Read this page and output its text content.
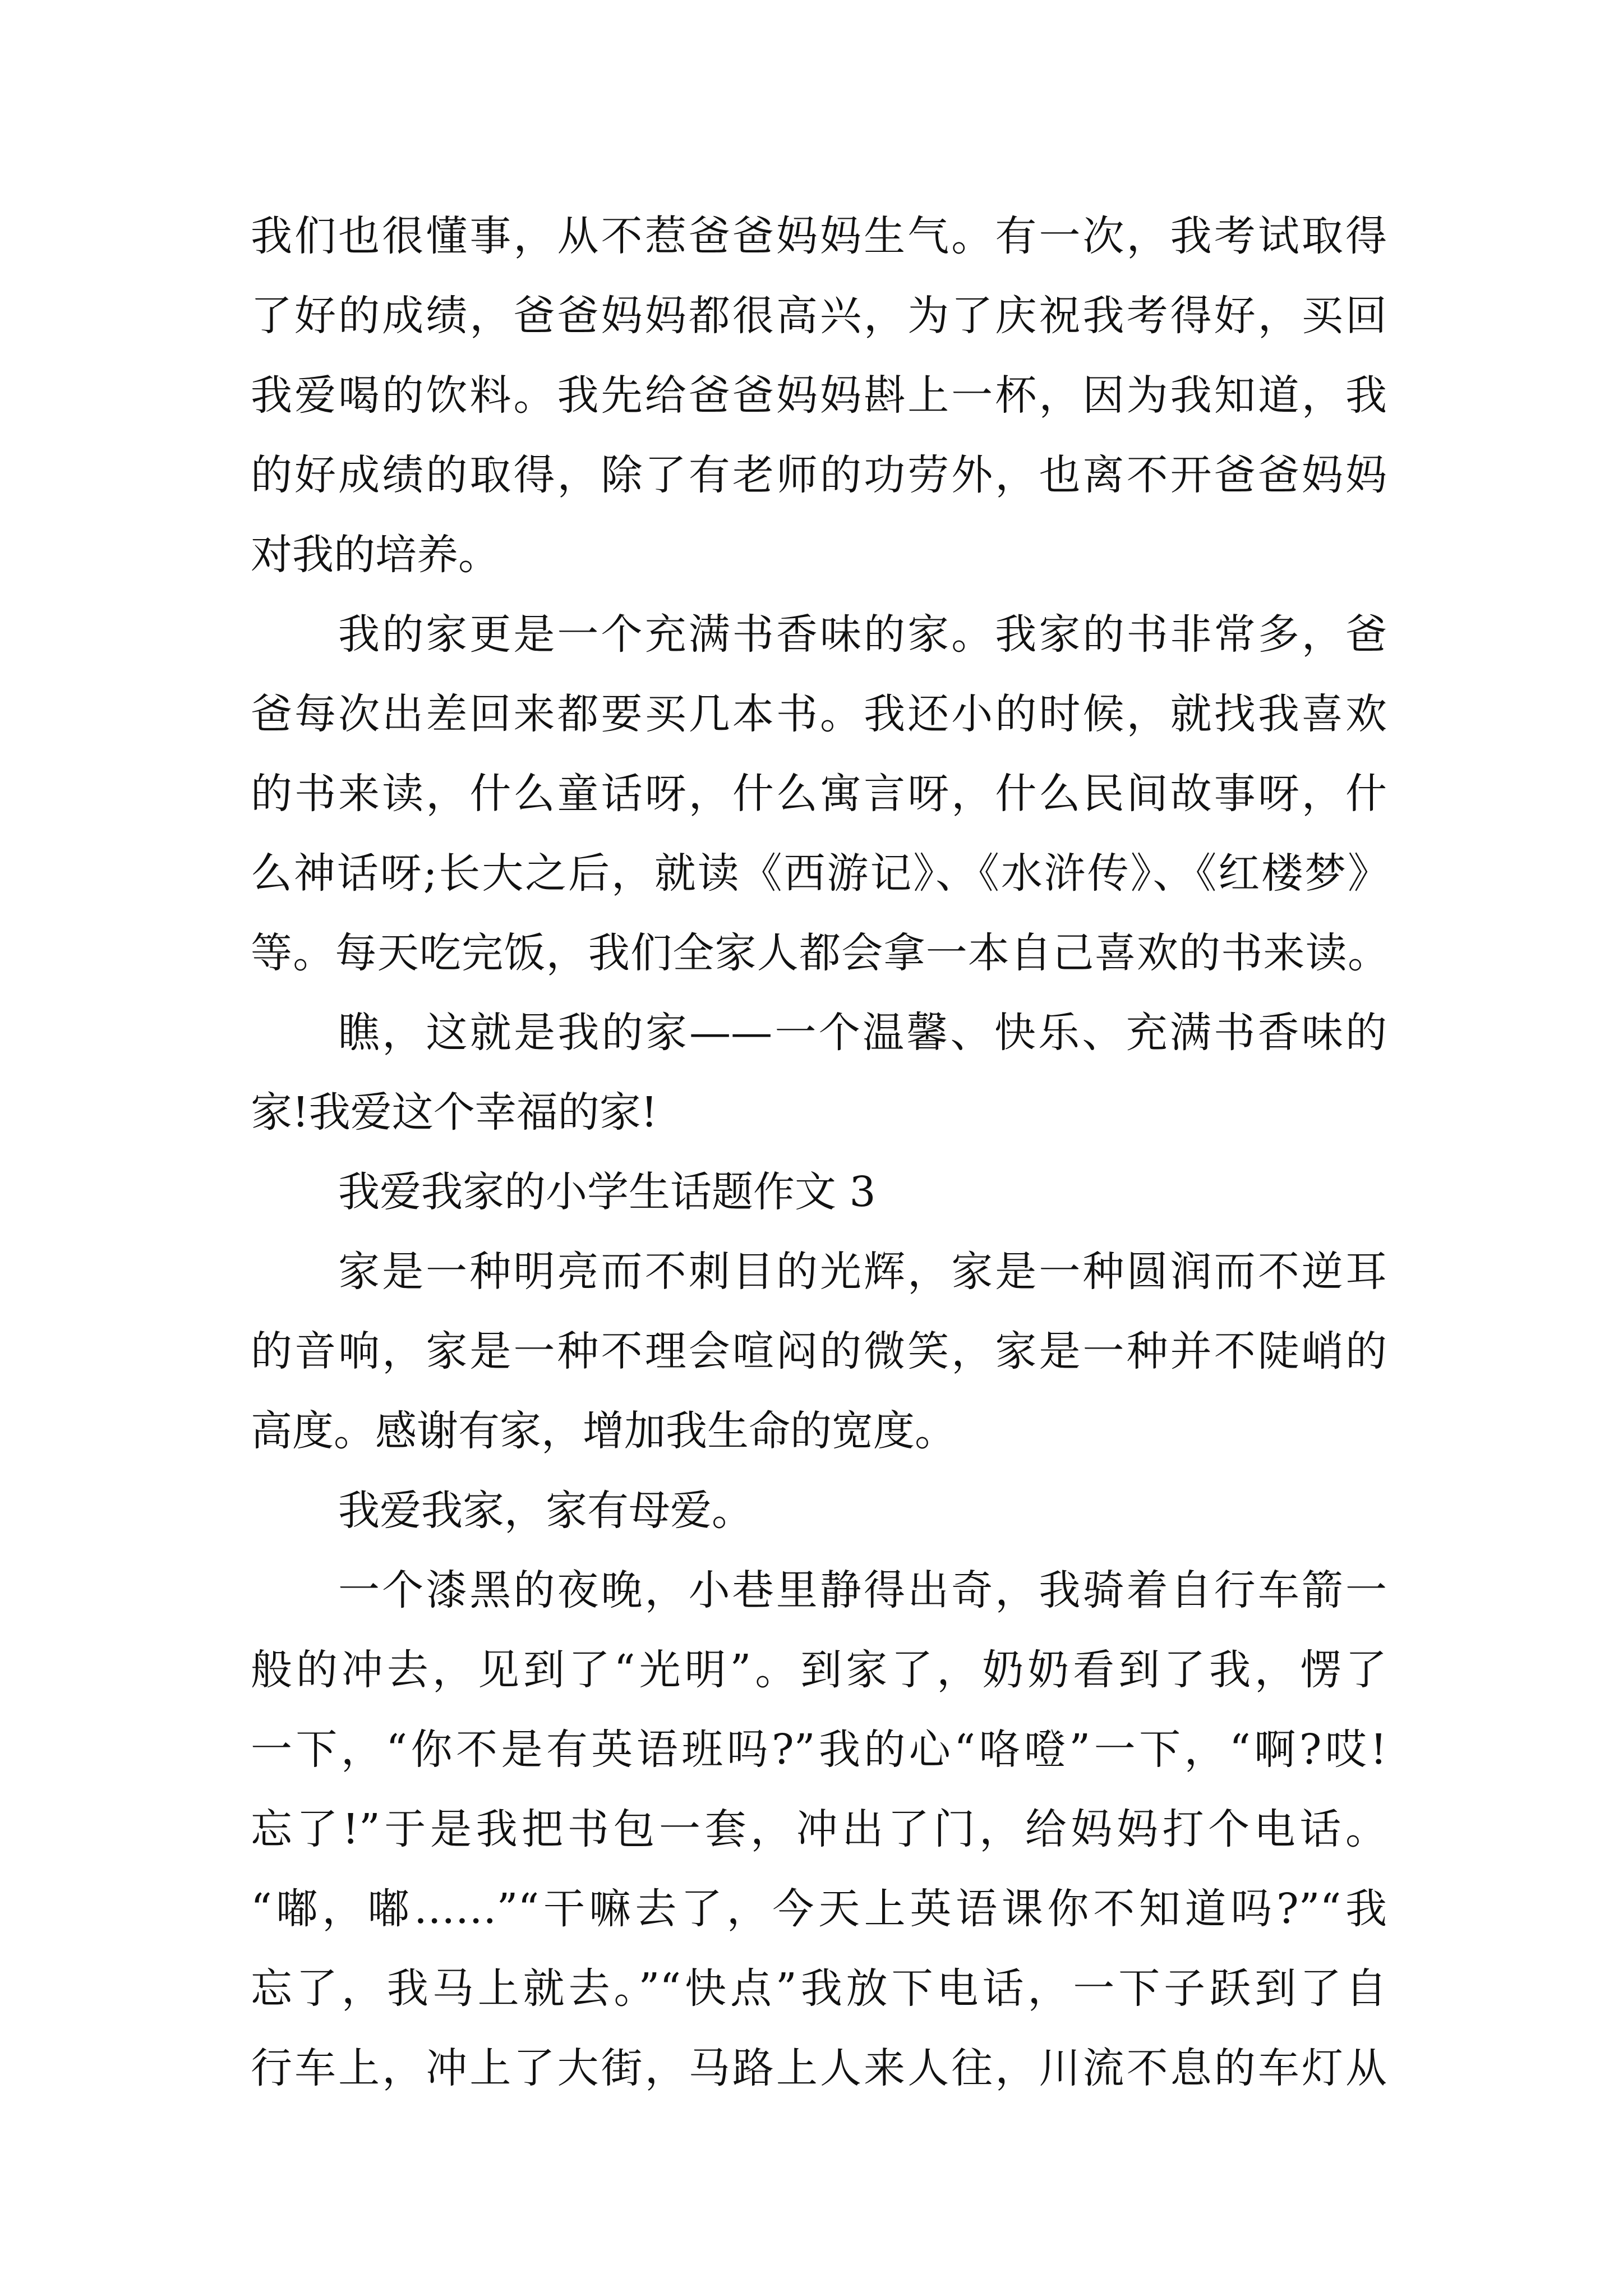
我们也很懂事，从不惹爸爸妈妈生气。有一次，我考试取得
了好的成绩，爸爸妈妈都很高兴，为了庆祝我考得好，买回
我爱喝的饮料。我先给爸爸妈妈斟上一杯，因为我知道，我
的好成绩的取得，除了有老师的功劳外，也离不开爸爸妈妈
对我的培养。
我的家更是一个充满书香味的家。我家的书非常多，爸
爸每次出差回来都要买几本书。我还小的时候，就找我喜欢
的书来读，什么童话呀，什么寓言呀，什么民间故事呀，什
么神话呀;长大之后，就读《西游记》、《水浒传》、《红楼梦》
等。每天吃完饭，我们全家人都会拿一本自己喜欢的书来读。
瞧，这就是我的家——一个温馨、快乐、充满书香味的
家!我爱这个幸福的家!
我爱我家的小学生话题作文 3
家是一种明亮而不刺目的光辉，家是一种圆润而不逆耳
的音响，家是一种不理会喧闷的微笑，家是一种并不陡峭的
高度。感谢有家，增加我生命的宽度。
我爱我家，家有母爱。
一个漆黑的夜晚，小巷里静得出奇，我骑着自行车箭一
般的冲去，见到了“光明”。到家了，奶奶看到了我，愣了
一下，“你不是有英语班吗?”我的心“咯噔”一下，“啊?哎!
忘了!”于是我把书包一套，冲出了门，给妈妈打个电话。
“嘟，嘟……”“干嘛去了，今天上英语课你不知道吗?”“我
忘了，我马上就去。”“快点”我放下电话，一下子跃到了自
行车上，冲上了大街，马路上人来人往，川流不息的车灯从
